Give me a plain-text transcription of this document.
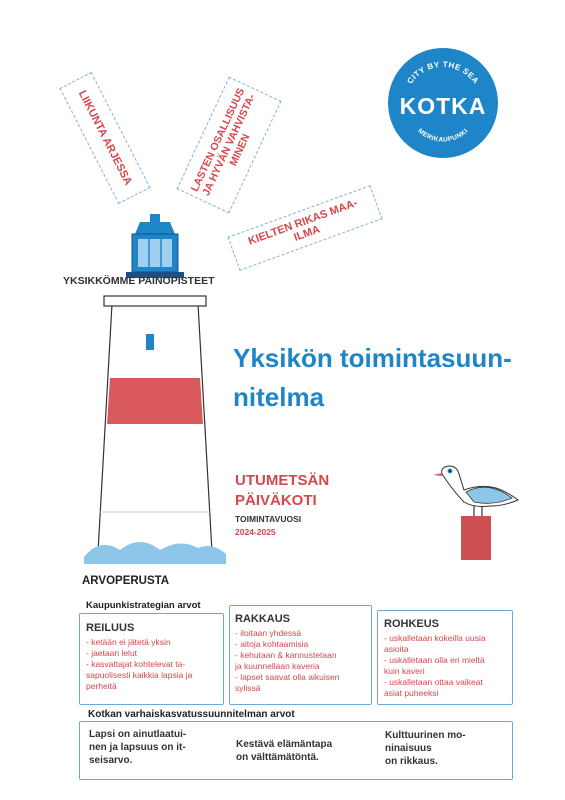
LIIKUNTA ARJESSA	LASTEN OSALLISUUS
JA HYVÄN VAHVISTA-
MINEN
KIELTEN RIKAS MAA-
ILMA
CITY BY THE SEA
MERIKAUPUNKI
KOTKA
YKSIKKÖMME PAINOPISTEET
Yksikön toimintasuun-
nitelma
UTUMETSÄN
PÄIVÄKOTI
TOIMINTAVUOSI
2024-2025
ARVOPERUSTA
Kaupunkistrategian arvot
REILUUS
- ketään ei jätetä yksin
- jaetaan lelut
- kasvattajat kohtelevat ta-
sapuolisesti kaikkia lapsia ja
perheitä
RAKKAUS
- iloitaan yhdessä
- aitoja kohtaamisia
- kehutaan & kannustetaan
ja kuunnellaan kaveria
- lapset saavat olla aikuisen
sylissä
ROHKEUS
- uskalletaan kokeilla uusia
asioita
- uskalletaan olla eri mieltä
kuin kaveri
- uskalletaan ottaa vaikeat
asiat puheeksi
Kotkan varhaiskasvatussuunnitelman arvot
Lapsi on ainutlaatui-
nen ja lapsuus on it-
seisarvo.
Kestävä elämäntapa
on välttämätöntä.
Kulttuurinen mo-
ninaisuus
on rikkaus.
